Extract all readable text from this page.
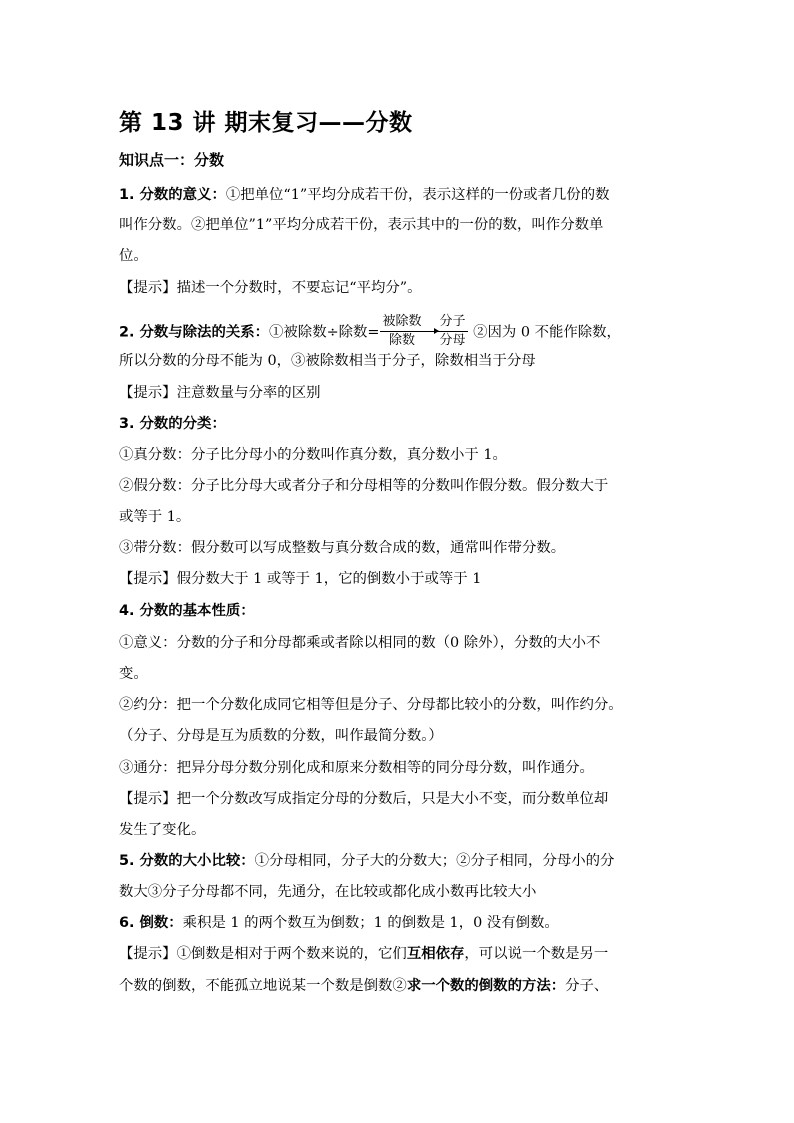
第 13 讲 期末复习——分数
知识点一：分数
1. 分数的意义：①把单位“1”平均分成若干份，表示这样的一份或者几份的数
叫作分数。②把单位”1”平均分成若干份，表示其中的一份的数，叫作分数单
位。
【提示】描述一个分数时，不要忘记“平均分”。
2. 分数与除法的关系：①被除数÷除数= $\frac{\text{被除数}}{\text{除数}} \frac{\text{分子}}{\text{分母}}$ ②因为 0 不能作除数，
所以分数的分母不能为 0，③被除数相当于分子，除数相当于分母
【提示】注意数量与分率的区别
3. 分数的分类：
①真分数：分子比分母小的分数叫作真分数，真分数小于 1。
②假分数：分子比分母大或者分子和分母相等的分数叫作假分数。假分数大于
或等于 1。
③带分数：假分数可以写成整数与真分数合成的数，通常叫作带分数。
【提示】假分数大于 1 或等于 1，它的倒数小于或等于 1
4. 分数的基本性质：
①意义：分数的分子和分母都乘或者除以相同的数（0 除外），分数的大小不
变。
②约分：把一个分数化成同它相等但是分子、分母都比较小的分数，叫作约分。
（分子、分母是互为质数的分数，叫作最简分数。）
③通分：把异分母分数分别化成和原来分数相等的同分母分数，叫作通分。
【提示】把一个分数改写成指定分母的分数后，只是大小不变，而分数单位却
发生了变化。
5. 分数的大小比较：①分母相同，分子大的分数大；②分子相同，分母小的分
数大③分子分母都不同，先通分，在比较或都化成小数再比较大小
6. 倒数：乘积是 1 的两个数互为倒数；1 的倒数是 1，0 没有倒数。
【提示】①倒数是相对于两个数来说的，它们互相依存，可以说一个数是另一
个数的倒数，不能孤立地说某一个数是倒数②求一个数的倒数的方法：分子、
